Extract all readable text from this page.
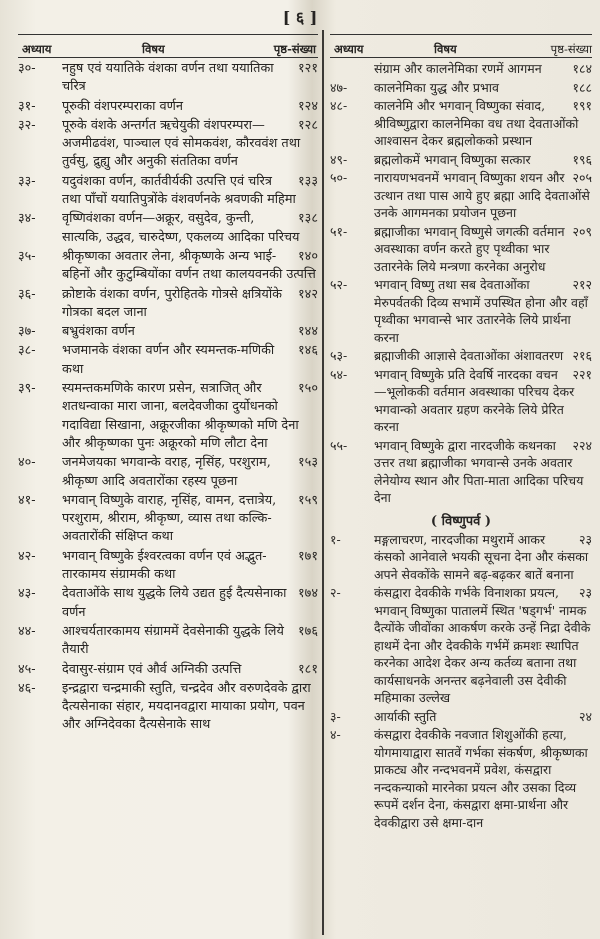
[ ६ ]
अध्याय	विषय	पृष्ठ-संख्या
३०-	१२१
नहुष एवं ययातिके वंशका वर्णन तथा ययातिका चरित्र
३१-	१२४
पूरुकी वंशपरम्पराका वर्णन
३२-	१२८
पूरुके वंशके अन्तर्गत ऋचेयुकी वंशपरम्परा—अजमीढवंश, पाञ्चाल एवं सोमकवंश, कौरववंश तथा तुर्वसु, द्रुह्यु और अनुकी संततिका वर्णन
३३-	१३३
यदुवंशका वर्णन, कार्तवीर्यकी उत्पत्ति एवं चरित्र तथा पाँचों ययातिपुत्रोंके वंशवर्णनके श्रवणकी महिमा
३४-	१३८
वृष्णिवंशका वर्णन—अक्रूर, वसुदेव, कुन्ती, सात्यकि, उद्धव, चारुदेष्ण, एकलव्य आदिका परिचय
३५-	१४०
श्रीकृष्णका अवतार लेना, श्रीकृष्णके अन्य भाई-बहिनों और कुटुम्बियोंका वर्णन तथा कालयवनकी उत्पत्ति
३६-	१४२
क्रोष्टाके वंशका वर्णन, पुरोहितके गोत्रसे क्षत्रियोंके गोत्रका बदल जाना
३७-	१४४
बभ्रुवंशका वर्णन
३८-	१४६
भजमानके वंशका वर्णन और स्यमन्तक-मणिकी कथा
३९-	१५०
स्यमन्तकमणिके कारण प्रसेन, सत्राजित् और शतधन्वाका मारा जाना, बलदेवजीका दुर्योधनको गदाविद्या सिखाना, अक्रूरजीका श्रीकृष्णको मणि देना और श्रीकृष्णका पुनः अक्रूरको मणि लौटा देना
४०-	१५३
जनमेजयका भगवान्के वराह, नृसिंह, परशुराम, श्रीकृष्ण आदि अवतारोंका रहस्य पूछना
४१-	१५९
भगवान् विष्णुके वाराह, नृसिंह, वामन, दत्तात्रेय, परशुराम, श्रीराम, श्रीकृष्ण, व्यास तथा कल्कि-अवतारोंकी संक्षिप्त कथा
४२-	१७१
भगवान् विष्णुके ईश्वरत्वका वर्णन एवं अद्भुत-तारकामय संग्रामकी कथा
४३-	१७४
देवताओंके साथ युद्धके लिये उद्यत हुई दैत्यसेनाका वर्णन
४४-	१७६
आश्चर्यतारकामय संग्राममें देवसेनाकी युद्धके लिये तैयारी
४५-	१८१
देवासुर-संग्राम एवं और्व अग्निकी उत्पत्ति
४६-	इन्द्रद्वारा चन्द्रमाकी स्तुति, चन्द्रदेव और वरुणदेवके द्वारा दैत्यसेनाका संहार, मयदानवद्वारा मायाका प्रयोग, पवन और अग्निदेवका दैत्यसेनाके साथ
अध्याय	विषय	पृष्ठ-संख्या
१८४
संग्राम और कालनेमिका रणमें आगमन
४७-	१८८
कालनेमिका युद्ध और प्रभाव
४८-	१९१
कालनेमि और भगवान् विष्णुका संवाद, श्रीविष्णुद्वारा कालनेमिका वध तथा देवताओंको आश्वासन देकर ब्रह्मलोकको प्रस्थान
४९-	१९६
ब्रह्मलोकमें भगवान् विष्णुका सत्कार
५०-	२०५
नारायणभवनमें भगवान् विष्णुका शयन और उत्थान तथा पास आये हुए ब्रह्मा आदि देवताओंसे उनके आगमनका प्रयोजन पूछना
५१-	२०९
ब्रह्माजीका भगवान् विष्णुसे जगत्की वर्तमान अवस्थाका वर्णन करते हुए पृथ्वीका भार उतारनेके लिये मन्त्रणा करनेका अनुरोध
५२-	२१२
भगवान् विष्णु तथा सब देवताओंका मेरुपर्वतकी दिव्य सभामें उपस्थित होना और वहाँ पृथ्वीका भगवान्से भार उतारनेके लिये प्रार्थना करना
५३-	२१६
ब्रह्माजीकी आज्ञासे देवताओंका अंशावतरण
५४-	२२१
भगवान् विष्णुके प्रति देवर्षि नारदका वचन—भूलोककी वर्तमान अवस्थाका परिचय देकर भगवान्को अवतार ग्रहण करनेके लिये प्रेरित करना
५५-	२२४
भगवान् विष्णुके द्वारा नारदजीके कथनका उत्तर तथा ब्रह्माजीका भगवान्से उनके अवतार लेनेयोग्य स्थान और पिता-माता आदिका परिचय देना
( विष्णुपर्व )
१-	२३
मङ्गलाचरण, नारदजीका मथुरामें आकर कंसको आनेवाले भयकी सूचना देना और कंसका अपने सेवकोंके सामने बढ़-बढ़कर बातें बनाना
२-	२३
कंसद्वारा देवकीके गर्भके विनाशका प्रयत्न, भगवान् विष्णुका पातालमें स्थित 'षड्गर्भ' नामक दैत्योंके जीवोंका आकर्षण करके उन्हें निद्रा देवीके हाथमें देना और देवकीके गर्भमें क्रमशः स्थापित करनेका आदेश देकर अन्य कर्तव्य बताना तथा कार्यसाधनके अनन्तर बढ़नेवाली उस देवीकी महिमाका उल्लेख
३-	२४
आर्याकी स्तुति
४-	कंसद्वारा देवकीके नवजात शिशुओंकी हत्या, योगमायाद्वारा सातवें गर्भका संकर्षण, श्रीकृष्णका प्राकट्य और नन्दभवनमें प्रवेश, कंसद्वारा नन्दकन्याको मारनेका प्रयत्न और उसका दिव्य रूपमें दर्शन देना, कंसद्वारा क्षमा-प्रार्थना और देवकीद्वारा उसे क्षमा-दान
